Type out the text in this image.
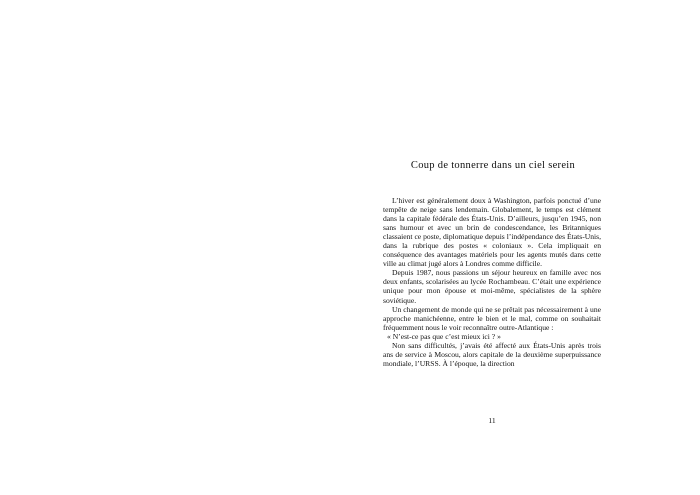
Coup de tonnerre dans un ciel serein

L’hiver est généralement doux à Washington, parfois ponctué d’une tempête de neige sans lendemain. Globalement, le temps est clément dans la capitale fédérale des États-Unis. D’ailleurs, jusqu’en 1945, non sans humour et avec un brin de condescendance, les Britanniques classaient ce poste, diplomatique depuis l’indépendance des États-Unis, dans la rubrique des postes « coloniaux ». Cela impliquait en conséquence des avantages matériels pour les agents mutés dans cette ville au climat jugé alors à Londres comme difficile.

Depuis 1987, nous passions un séjour heureux en famille avec nos deux enfants, scolarisées au lycée Rochambeau. C’était une expérience unique pour mon épouse et moi-même, spécialistes de la sphère soviétique.

Un changement de monde qui ne se prêtait pas nécessairement à une approche manichéenne, entre le bien et le mal, comme on souhaitait fréquemment nous le voir reconnaître outre-Atlantique :

« N’est-ce pas que c’est mieux ici ? »

Non sans difficultés, j’avais été affecté aux États-Unis après trois ans de service à Moscou, alors capitale de la deuxième superpuissance mondiale, l’URSS. À l’époque, la direction

11
